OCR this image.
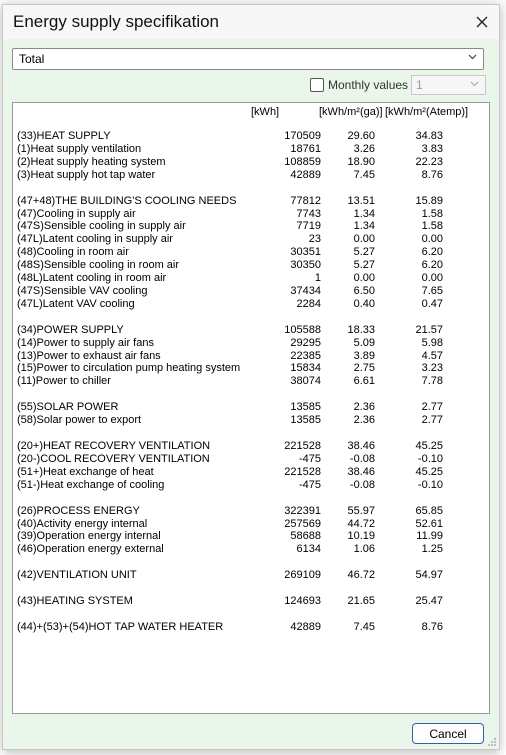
Energy supply specifikation
Total
Monthly values 1
[kWh]	[kWh/m²(ga)] [kWh/m²(Atemp)]
(33)HEAT SUPPLY	170509 29.60	34.83
(1)Heat supply ventilation	18761	3.26	3.83
(2)Heat supply heating system	108859 18.90	22.23
(3)Heat supply hot tap water	42889	7.45	8.76
(47+48)THE BUILDING'S COOLING NEEDS	77812 13.51	15.89
(47)Cooling in supply air	7743	1.34	1.58
(47S)Sensible cooling in supply air	7719	1.34	1.58
(47L)Latent cooling in supply air	23	0.00	0.00
(48)Cooling in room air	30351	5.27	6.20
(48S)Sensible cooling in room air	30350	5.27	6.20
(48L)Latent cooling in room air	1	0.00	0.00
(47S)Sensible VAV cooling	37434	6.50	7.65
(47L)Latent VAV cooling	2284	0.40	0.47
(34)POWER SUPPLY	105588 18.33	21.57
(14)Power to supply air fans	29295	5.09	5.98
(13)Power to exhaust air fans	22385	3.89	4.57
(15)Power to circulation pump heating system	15834	2.75	3.23
(11)Power to chiller	38074	6.61	7.78
(55)SOLAR POWER	13585	2.36	2.77
(58)Solar power to export	13585	2.36	2.77
(20+)HEAT RECOVERY VENTILATION	221528 38.46	45.25
(20-)COOL RECOVERY VENTILATION	-475	-0.08	-0.10
(51+)Heat exchange of heat	221528 38.46	45.25
(51-)Heat exchange of cooling	-475	-0.08	-0.10
(26)PROCESS ENERGY	322391 55.97	65.85
(40)Activity energy internal	257569 44.72	52.61
(39)Operation energy internal	58688 10.19	11.99
(46)Operation energy external	6134	1.06	1.25
(42)VENTILATION UNIT	269109 46.72	54.97
(43)HEATING SYSTEM	124693 21.65	25.47
(44)+(53)+(54)HOT TAP WATER HEATER	42889	7.45	8.76
Cancel
